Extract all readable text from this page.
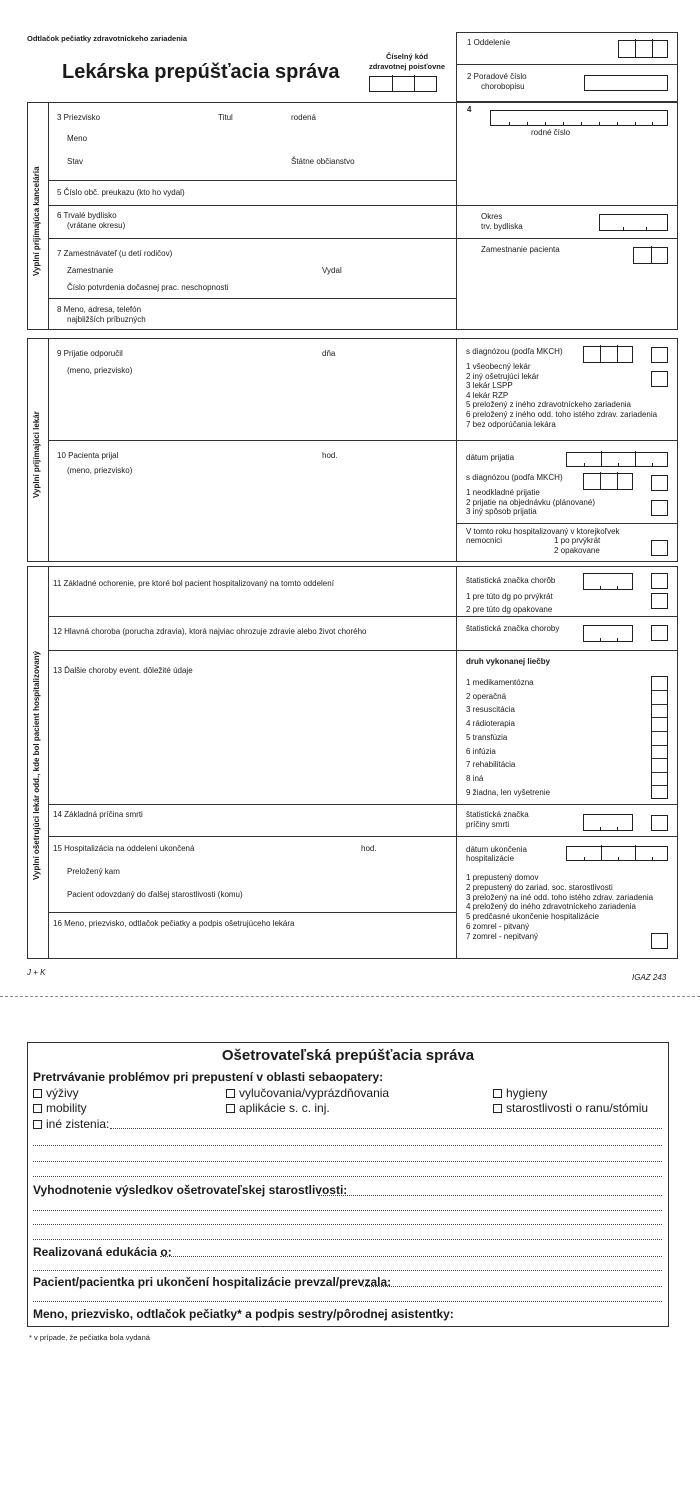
Odtlačok pečiatky zdravotníckeho zariadenia
Lekárska prepúšťacia správa
Číselný kód
zdravotnej poisťovne
1 Oddelenie
2 Poradové číslo
chorobopisu
Vyplní prijímajúca kancelária
3 Priezvisko	Titul	rodená
Meno
Stav	Štátne občianstvo
5 Číslo obč. preukazu (kto ho vydal)
6 Trvalé bydlisko
(vrátane okresu)
7 Zamestnávateľ (u detí rodičov)
Zamestnanie	Vydal
Číslo potvrdenia dočasnej prac. neschopnosti
8 Meno, adresa, telefón
najbližších príbuzných
4
rodné číslo
Okres
trv. bydliska
Zamestnanie pacienta
Vyplní prijímajúci lekár
9 Prijatie odporučil
(meno, priezvisko)
dňa	s diagnózou (podľa MKCH)
1 všeobecný lekár
2 iný ošetrujúci lekár
3 lekár LSPP
4 lekár RZP
5 preložený z iného zdravotníckeho zariadenia
6 preložený z iného odd. toho istého zdrav. zariadenia
7 bez odporúčania lekára
10 Pacienta prijal
(meno, priezvisko)
hod.	dátum prijatia
s diagnózou (podľa MKCH)
1 neodkladné prijatie
2 prijatie na objednávku (plánované)
3 iný spôsob prijatia
V tomto roku hospitalizovaný v ktorejkoľvek
nemocnici	1 po prvýkrát
2 opakovane
Vyplní ošetrujúci lekár odd., kde bol pacient hospitalizovaný
11 Základné ochorenie, pre ktoré bol pacient hospitalizovaný na tomto oddelení	štatistická značka chorôb
1 pre túto dg po prvýkrát
2 pre túto dg opakovane
12 Hlavná choroba (porucha zdravia), ktorá najviac ohrozuje zdravie alebo život chorého	štatistická značka choroby
13 Ďalšie choroby event. dôležité údaje
druh vykonanej liečby
1 medikamentózna
2 operačná
3 resuscitácia
4 rádioterapia
5 transfúzia
6 infúzia
7 rehabilitácia
8 iná
9 žiadna, len vyšetrenie
14 Základná príčina smrti	štatistická značka
príčiny smrti
15 Hospitalizácia na oddelení ukončená	hod.
Preložený kam
Pacient odovzdaný do ďalšej starostlivosti (komu)
dátum ukončenia
hospitalizácie
1 prepustený domov
2 prepustený do zariad. soc. starostlivosti
3 preložený na iné odd. toho istého zdrav. zariadenia
4 preložený do iného zdravotníckeho zariadenia
5 predčasné ukončenie hospitalizácie
6 zomrel - pitvaný
7 zomrel - nepitvaný
16 Meno, priezvisko, odtlačok pečiatky a podpis ošetrujúceho lekára
J + K
IGAZ 243
Ošetrovateľská prepúšťacia správa
Pretrvávanie problémov pri prepustení v oblasti sebaopatery:
výživy	vylučovania/vyprázdňovania	hygieny
mobility	aplikácie s. c. inj.	starostlivosti o ranu/stómiu
iné zistenia:
Vyhodnotenie výsledkov ošetrovateľskej starostlivosti:
Realizovaná edukácia o:
Pacient/pacientka pri ukončení hospitalizácie prevzal/prevzala:
Meno, priezvisko, odtlačok pečiatky* a podpis sestry/pôrodnej asistentky:
* v prípade, že pečiatka bola vydaná
